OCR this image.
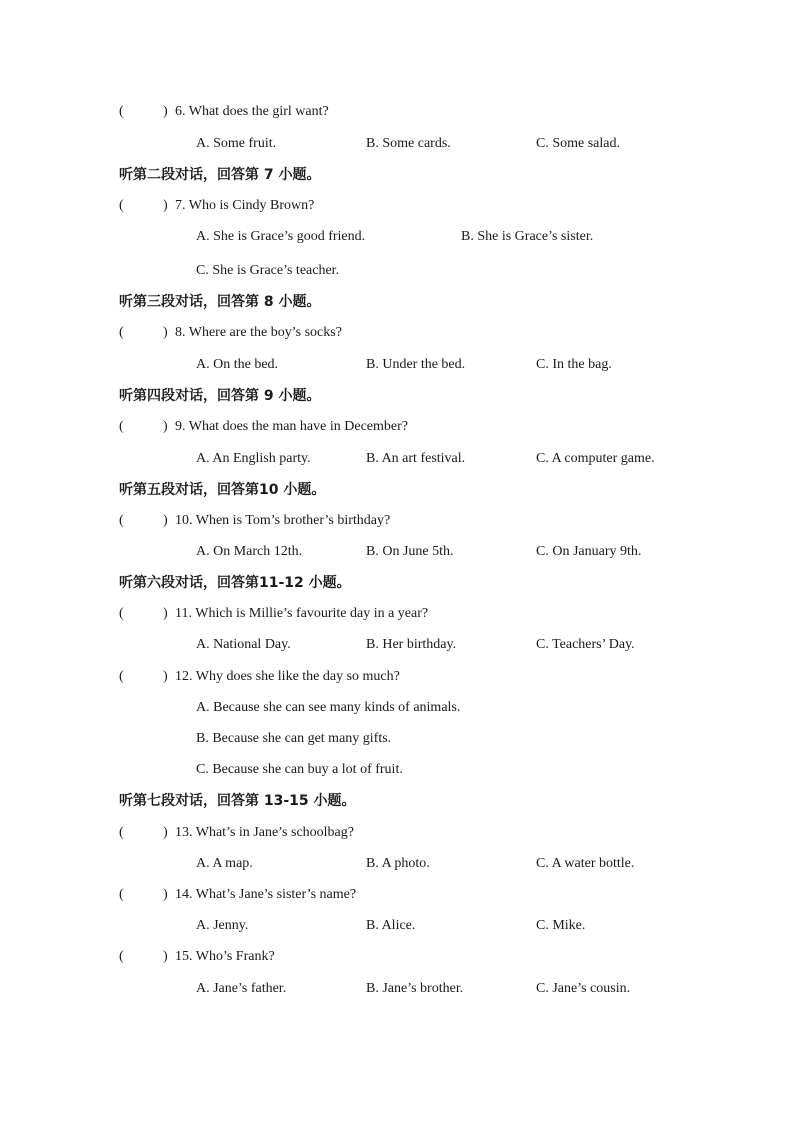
(	) 6. What does the girl want?
A. Some fruit.	B. Some cards.	C. Some salad.
听第二段对话，回答第 7 小题。
(	) 7. Who is Cindy Brown?
A. She is Grace’s good friend.	B. She is Grace’s sister.
C. She is Grace’s teacher.
听第三段对话，回答第 8 小题。
(	) 8. Where are the boy’s socks?
A. On the bed.	B. Under the bed.	C. In the bag.
听第四段对话，回答第 9 小题。
(	) 9. What does the man have in December?
A. An English party.	B. An art festival.	C. A computer game.
听第五段对话，回答第10 小题。
(	) 10. When is Tom’s brother’s birthday?
A. On March 12th.	B. On June 5th.	C. On January 9th.
听第六段对话，回答第11-12 小题。
(	) 11. Which is Millie’s favourite day in a year?
A. National Day.	B. Her birthday.	C. Teachers’ Day.
(	) 12. Why does she like the day so much?
A. Because she can see many kinds of animals.
B. Because she can get many gifts.
C. Because she can buy a lot of fruit.
听第七段对话，回答第 13-15 小题。
(	) 13. What’s in Jane’s schoolbag?
A. A map.	B. A photo.	C. A water bottle.
(	) 14. What’s Jane’s sister’s name?
A. Jenny.	B. Alice.	C. Mike.
(	) 15. Who’s Frank?
A. Jane’s father.	B. Jane’s brother.	C. Jane’s cousin.
